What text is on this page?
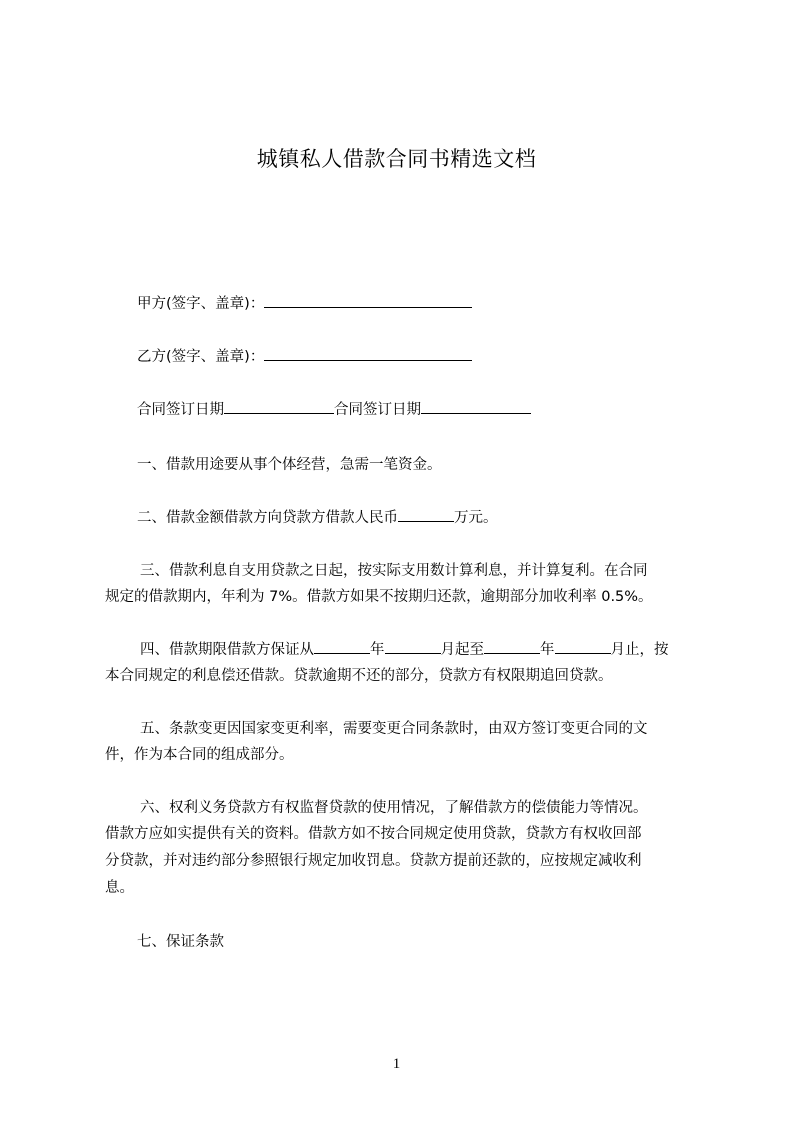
城镇私人借款合同书精选文档
甲方(签字、盖章)：
乙方(签字、盖章)：
合同签订日期	合同签订日期
一、借款用途要从事个体经营，急需一笔资金。
二、借款金额借款方向贷款方借款人民币	万元。
三、借款利息自支用贷款之日起，按实际支用数计算利息，并计算复利。在合同
规定的借款期内，年利为 7%。借款方如果不按期归还款，逾期部分加收利率 0.5%。
四、借款期限借款方保证从	年	月起至	年	月止，按
本合同规定的利息偿还借款。贷款逾期不还的部分，贷款方有权限期追回贷款。
五、条款变更因国家变更利率，需要变更合同条款时，由双方签订变更合同的文
件，作为本合同的组成部分。
六、权利义务贷款方有权监督贷款的使用情况，了解借款方的偿债能力等情况。
借款方应如实提供有关的资料。借款方如不按合同规定使用贷款，贷款方有权收回部
分贷款，并对违约部分参照银行规定加收罚息。贷款方提前还款的，应按规定减收利
息。
七、保证条款
1
